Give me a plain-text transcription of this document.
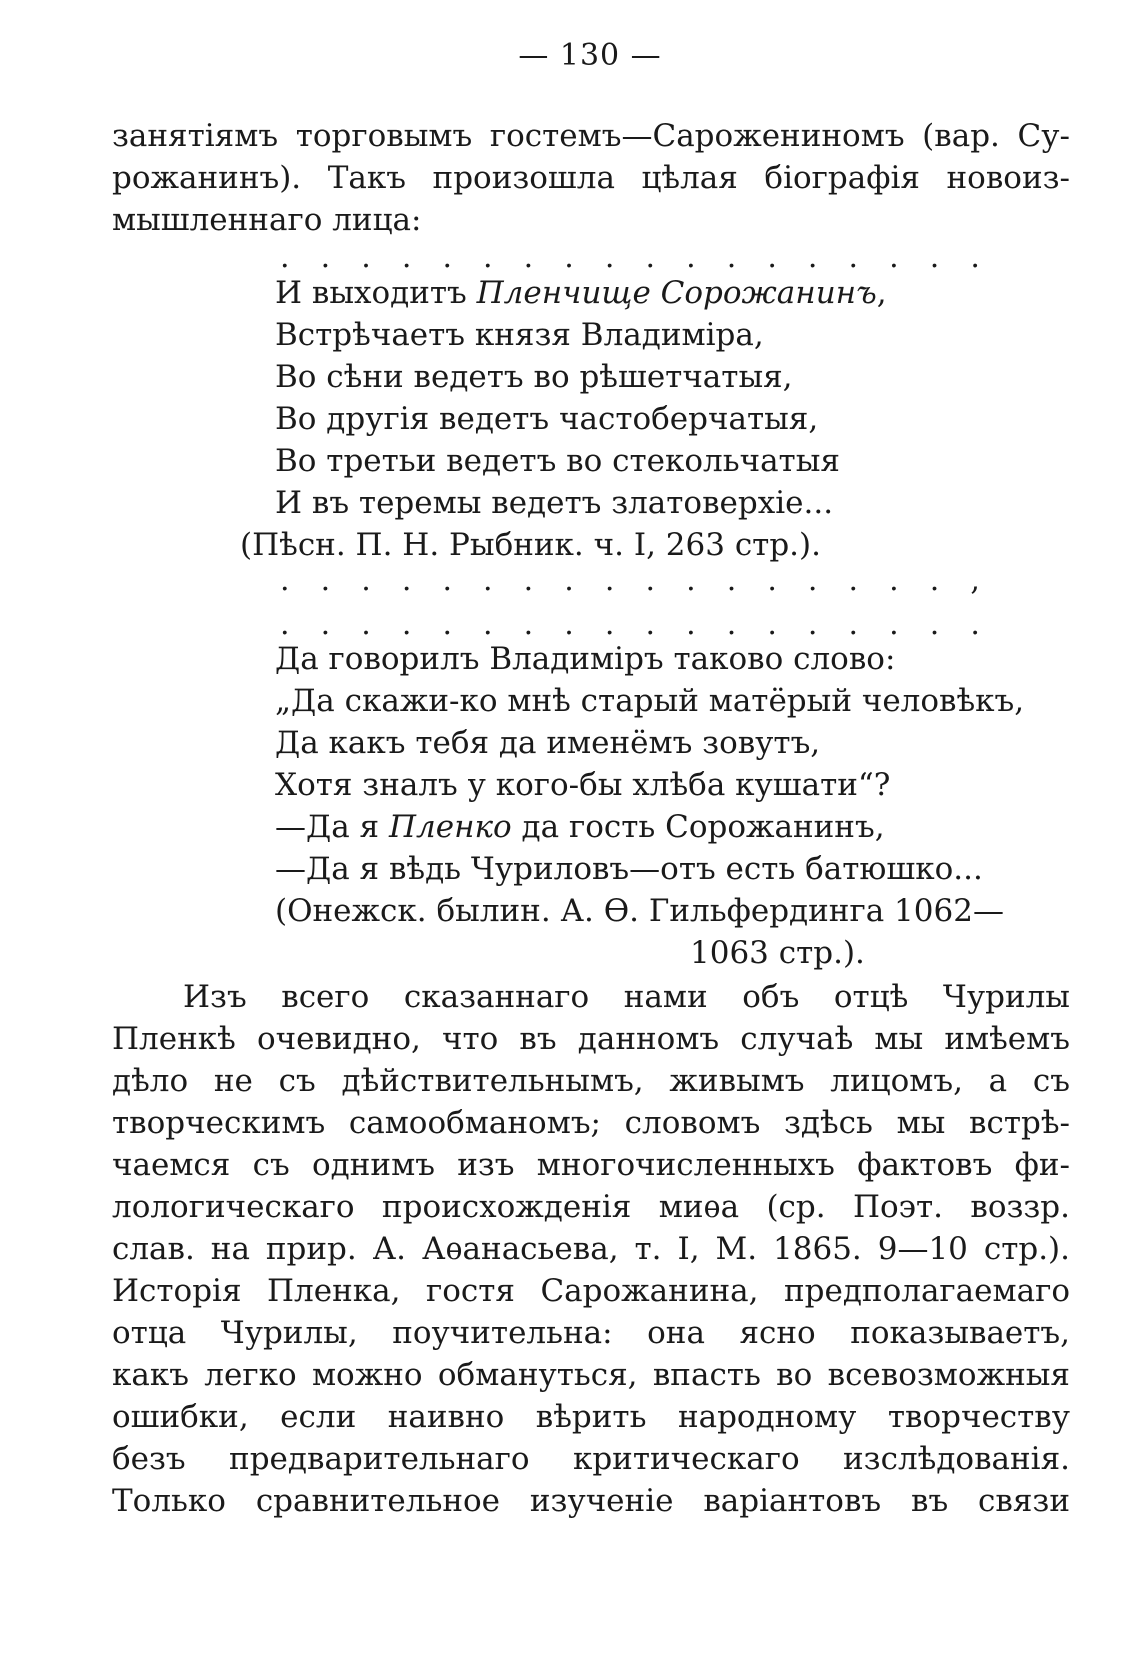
— 130 —
занятіямъ торговымъ гостемъ—Сарожениномъ (вар. Су-
рожанинъ). Такъ произошла цѣлая біографія новоиз-
мышленнаго лица:
. . . . . . . . . . . . . . . . . .
И выходитъ Пленчище Сорожанинъ,
Встрѣчаетъ князя Владиміра,
Во сѣни ведетъ во рѣшетчатыя,
Во другія ведетъ частоберчатыя,
Во третьи ведетъ во стекольчатыя
И въ теремы ведетъ златоверхіе...
(Пѣсн. П. Н. Рыбник. ч. I, 263 стр.).
. . . . . . . . . . . . . . . . . ,
. . . . . . . . . . . . . . . . . .
Да говорилъ Владиміръ таково слово:
„Да скажи-ко мнѣ старый матёрый человѣкъ,
Да какъ тебя да именёмъ зовутъ,
Хотя зналъ у кого-бы хлѣба кушати“?
—Да я Пленко да гость Сорожанинъ,
—Да я вѣдь Чуриловъ—отъ есть батюшко...
(Онежск. былин. А. Ѳ. Гильфердинга 1062—
1063 стр.).
Изъ всего сказаннаго нами объ отцѣ Чурилы
Пленкѣ очевидно, что въ данномъ случаѣ мы имѣемъ
дѣло не съ дѣйствительнымъ, живымъ лицомъ, а съ
творческимъ самообманомъ; словомъ здѣсь мы встрѣ-
чаемся съ однимъ изъ многочисленныхъ фактовъ фи-
лологическаго происхожденія миѳа (ср. Поэт. воззр.
слав. на прир. А. Аѳанасьева, т. I, М. 1865. 9—10 стр.).
Исторія Пленка, гостя Сарожанина, предполагаемаго
отца Чурилы, поучительна: она ясно показываетъ,
какъ легко можно обмануться, впасть во всевозможныя
ошибки, если наивно вѣрить народному творчеству
безъ предварительнаго критическаго изслѣдованія.
Только сравнительное изученіе варіантовъ въ связи
